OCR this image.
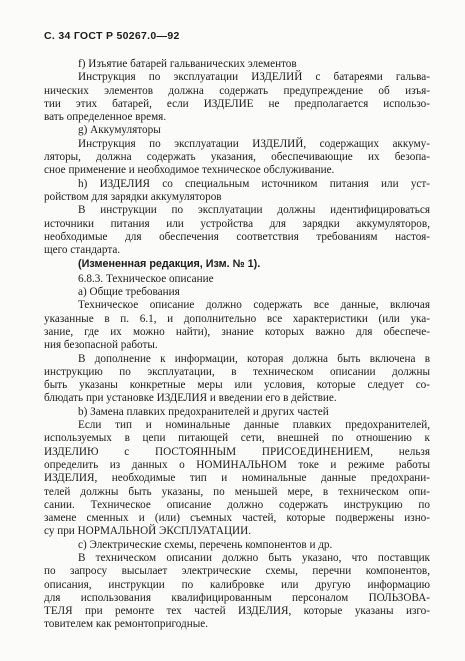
С. 34 ГОСТ Р 50267.0—92
f) Изъятие батарей гальванических элементов
Инструкция по эксплуатации ИЗДЕЛИЙ с батареями гальва-
нических элементов должна содержать предупреждение об изъя-
тии этих батарей, если ИЗДЕЛИЕ не предполагается использо-
вать определенное время.
g) Аккумуляторы
Инструкция по эксплуатации ИЗДЕЛИЙ, содержащих аккуму-
ляторы, должна содержать указания, обеспечивающие их безопа-
сное применение и необходимое техническое обслуживание.
h) ИЗДЕЛИЯ со специальным источником питания или уст-
ройством для зарядки аккумуляторов
В инструкции по эксплуатации должны идентифицироваться
источники питания или устройства для зарядки аккумуляторов,
необходимые для обеспечения соответствия требованиям настоя-
щего стандарта.
(Измененная редакция, Изм. № 1).
6.8.3. Техническое описание
а) Общие требования
Техническое описание должно содержать все данные, включая
указанные в п. 6.1, и дополнительно все характеристики (или ука-
зание, где их можно найти), знание которых важно для обеспече-
ния безопасной работы.
В дополнение к информации, которая должна быть включена в
инструкцию по эксплуатации, в техническом описании должны
быть указаны конкретные меры или условия, которые следует со-
блюдать при установке ИЗДЕЛИЯ и введении его в действие.
b) Замена плавких предохранителей и других частей
Если тип и номинальные данные плавких предохранителей,
используемых в цепи питающей сети, внешней по отношению к
ИЗДЕЛИЮ с ПОСТОЯННЫМ ПРИСОЕДИНЕНИЕМ, нельзя
определить из данных о НОМИНАЛЬНОМ токе и режиме работы
ИЗДЕЛИЯ, необходимые тип и номинальные данные предохрани-
телей должны быть указаны, по меньшей мере, в техническом опи-
сании. Техническое описание должно содержать инструкцию по
замене сменных и (или) съемных частей, которые подвержены изно-
су при НОРМАЛЬНОЙ ЭКСПЛУАТАЦИИ.
с) Электрические схемы, перечень компонентов и др.
В техническом описании должно быть указано, что поставщик
по запросу высылает электрические схемы, перечни компонентов,
описания, инструкции по калибровке или другую информацию
для использования квалифицированным персоналом ПОЛЬЗОВА-
ТЕЛЯ при ремонте тех частей ИЗДЕЛИЯ, которые указаны изго-
товителем как ремонтопригодные.
